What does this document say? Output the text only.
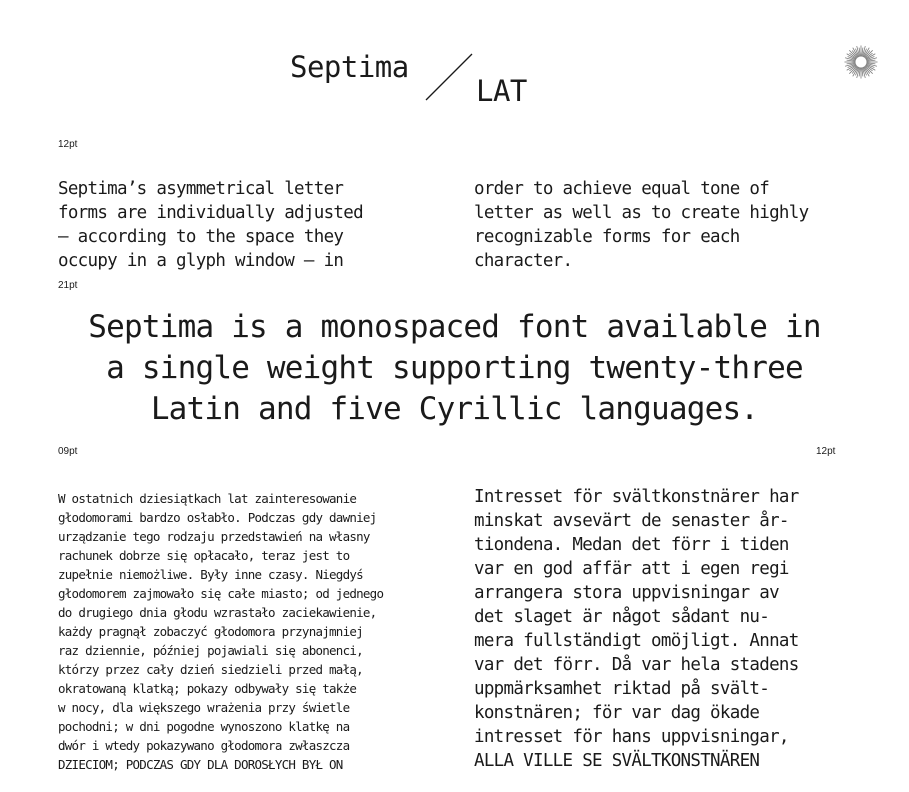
Septima
LAT
12pt
21pt
09pt	12pt
Septima’s asymmetrical letter
forms are individually adjusted
– according to the space they
occupy in a glyph window – in
order to achieve equal tone of
letter as well as to create highly
recognizable forms for each
character.
Septima is a monospaced font available in
a single weight supporting twenty-three
Latin and five Cyrillic languages.
W ostatnich dziesiątkach lat zainteresowanie
głodomorami bardzo osłabło. Podczas gdy dawniej
urządzanie tego rodzaju przedstawień na własny
rachunek dobrze się opłacało, teraz jest to
zupełnie niemożliwe. Były inne czasy. Niegdyś
głodomorem zajmowało się całe miasto; od jednego
do drugiego dnia głodu wzrastało zaciekawienie,
każdy pragnął zobaczyć głodomora przynajmniej
raz dziennie, później pojawiali się abonenci,
którzy przez cały dzień siedzieli przed małą,
okratowaną klatką; pokazy odbywały się także
w nocy, dla większego wrażenia przy świetle
pochodni; w dni pogodne wynoszono klatkę na
dwór i wtedy pokazywano głodomora zwłaszcza
DZIECIOM; PODCZAS GDY DLA DOROSŁYCH BYŁ ON
Intresset för svältkonstnärer har
minskat avsevärt de senaster år-
tiondena. Medan det förr i tiden
var en god affär att i egen regi
arrangera stora uppvisningar av
det slaget är något sådant nu-
mera fullständigt omöjligt. Annat
var det förr. Då var hela stadens
uppmärksamhet riktad på svält-
konstnären; för var dag ökade
intresset för hans uppvisningar,
ALLA VILLE SE SVÄLTKONSTNÄREN
